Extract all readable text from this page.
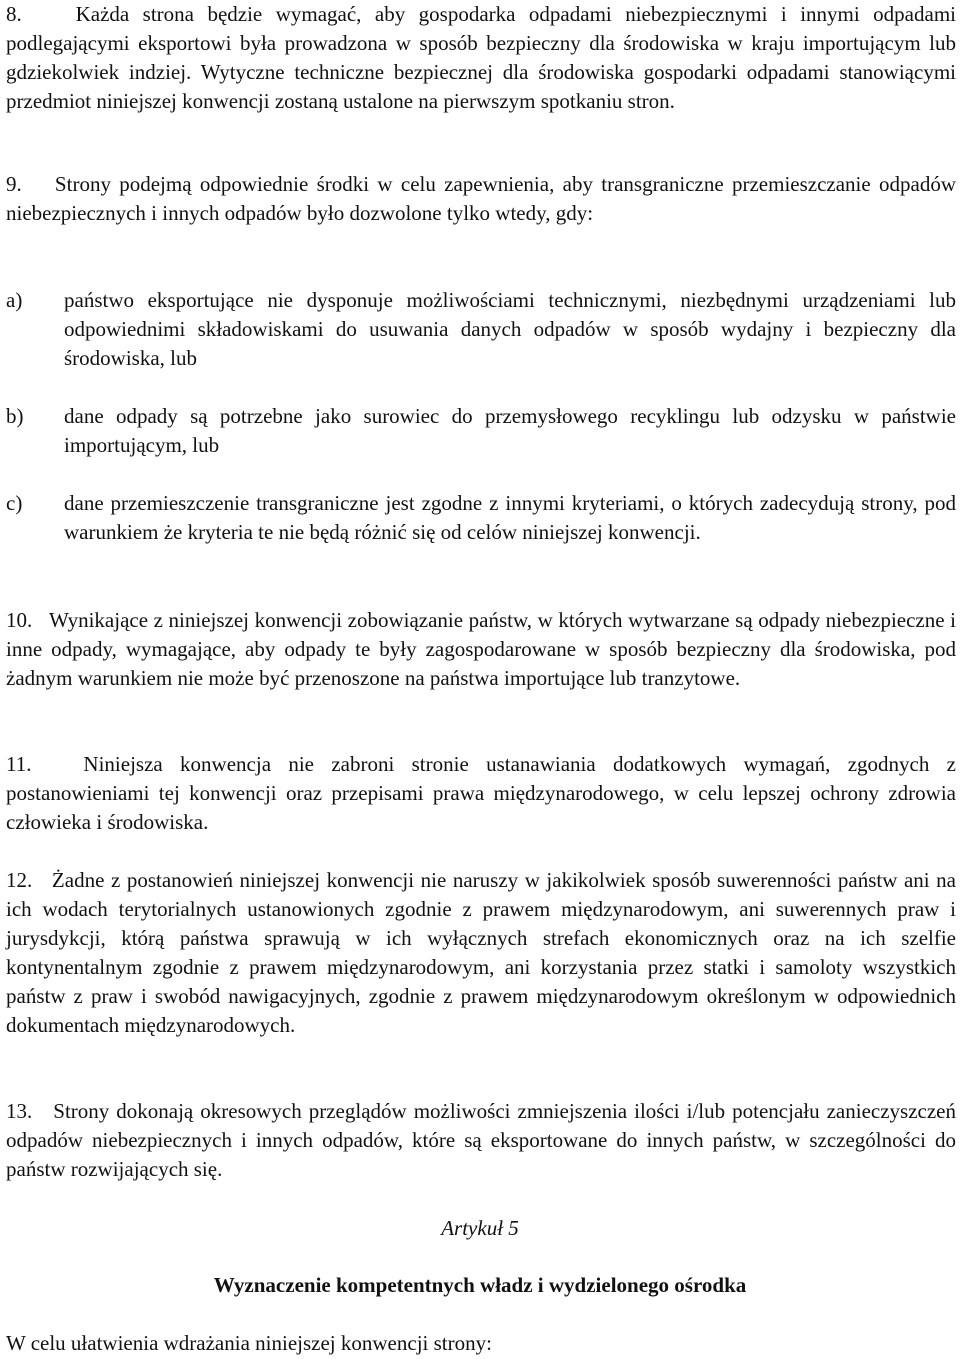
8.    Każda strona będzie wymagać, aby gospodarka odpadami niebezpiecznymi i innymi odpadami podlegającymi eksportowi była prowadzona w sposób bezpieczny dla środowiska w kraju importującym lub gdziekolwiek indziej. Wytyczne techniczne bezpiecznej dla środowiska gospodarki odpadami stanowiącymi przedmiot niniejszej konwencji zostaną ustalone na pierwszym spotkaniu stron.

9.    Strony podejmą odpowiednie środki w celu zapewnienia, aby transgraniczne przemieszczanie odpadów niebezpiecznych i innych odpadów było dozwolone tylko wtedy, gdy:

a) państwo eksportujące nie dysponuje możliwościami technicznymi, niezbędnymi urządzeniami lub odpowiednimi składowiskami do usuwania danych odpadów w sposób wydajny i bezpieczny dla środowiska, lub
b) dane odpady są potrzebne jako surowiec do przemysłowego recyklingu lub odzysku w państwie importującym, lub
c) dane przemieszczenie transgraniczne jest zgodne z innymi kryteriami, o których zadecydują strony, pod warunkiem że kryteria te nie będą różnić się od celów niniejszej konwencji.

10.   Wynikające z niniejszej konwencji zobowiązanie państw, w których wytwarzane są odpady niebezpieczne i inne odpady, wymagające, aby odpady te były zagospodarowane w sposób bezpieczny dla środowiska, pod żadnym warunkiem nie może być przenoszone na państwa importujące lub tranzytowe.

11.   Niniejsza konwencja nie zabroni stronie ustanawiania dodatkowych wymagań, zgodnych z postanowieniami tej konwencji oraz przepisami prawa międzynarodowego, w celu lepszej ochrony zdrowia człowieka i środowiska.

12.   Żadne z postanowień niniejszej konwencji nie naruszy w jakikolwiek sposób suwerenności państw ani na ich wodach terytorialnych ustanowionych zgodnie z prawem międzynarodowym, ani suwerennych praw i jurysdykcji, którą państwa sprawują w ich wyłącznych strefach ekonomicznych oraz na ich szelfie kontynentalnym zgodnie z prawem międzynarodowym, ani korzystania przez statki i samoloty wszystkich państw z praw i swobód nawigacyjnych, zgodnie z prawem międzynarodowym określonym w odpowiednich dokumentach międzynarodowych.

13.   Strony dokonają okresowych przeglądów możliwości zmniejszenia ilości i/lub potencjału zanieczyszczeń odpadów niebezpiecznych i innych odpadów, które są eksportowane do innych państw, w szczególności do państw rozwijających się.

Artykuł 5

Wyznaczenie kompetentnych władz i wydzielonego ośrodka

W celu ułatwienia wdrażania niniejszej konwencji strony:
